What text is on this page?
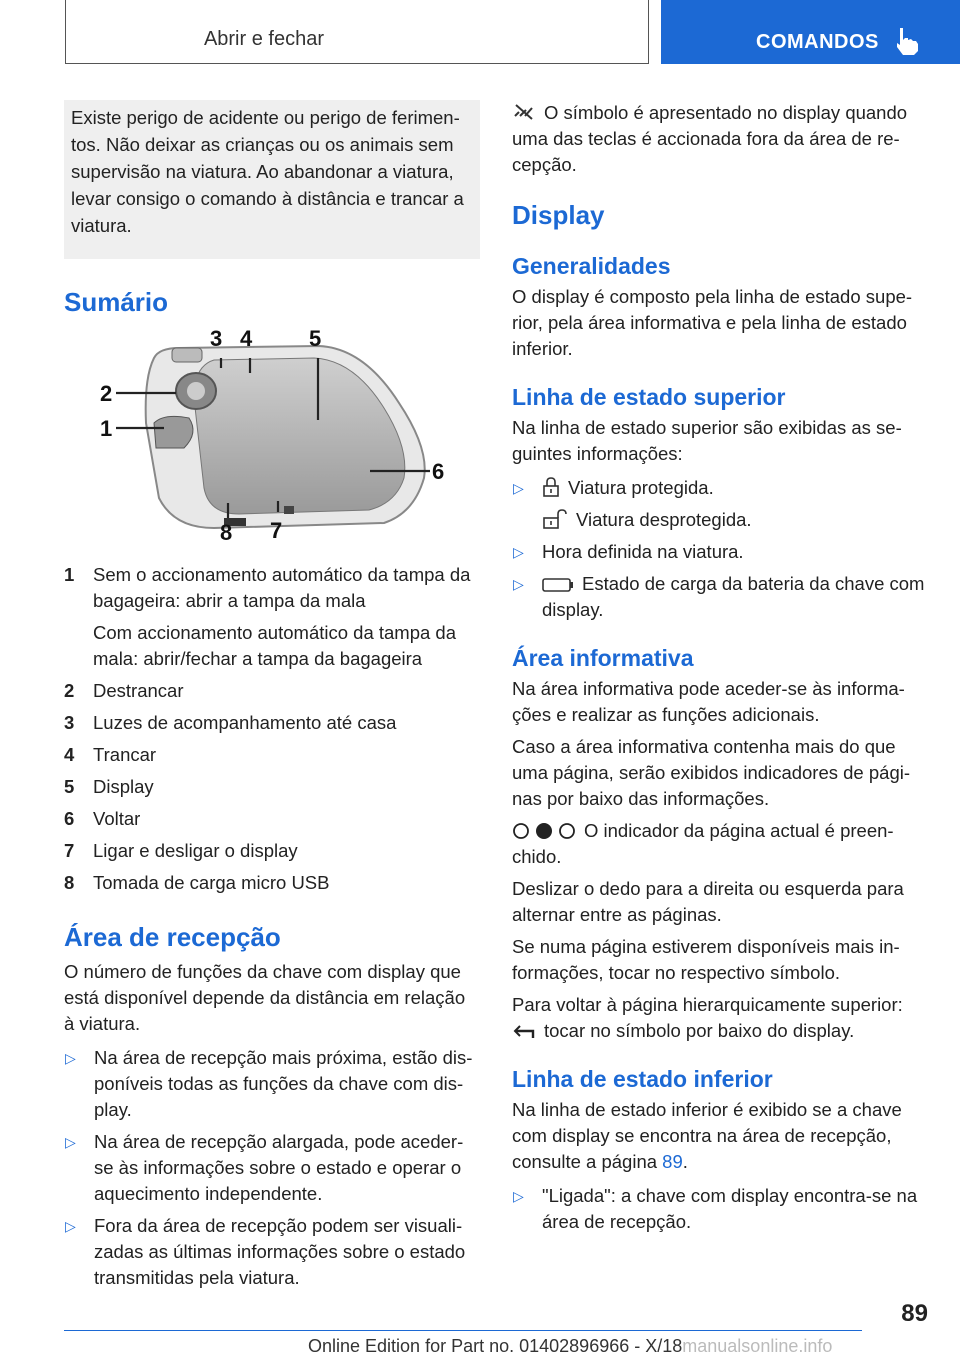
Abrir e fechar	COMANDOS
Existe perigo de acidente ou perigo de ferimentos. Não deixar as crianças ou os animais sem supervisão na viatura. Ao abandonar a viatura, levar consigo o comando à distância e trancar a viatura.
Sumário
1
2
3 4	5
6
7
8
1	Sem o accionamento automático da tampa da bagageira: abrir a tampa da mala

Com accionamento automático da tampa da mala: abrir/fechar a tampa da bagageira

2	Destrancar
3	Luzes de acompanhamento até casa
4	Trancar
5	Display
6	Voltar
7	Ligar e desligar o display
8	Tomada de carga micro USB
Área de recepção

O número de funções da chave com display que está disponível depende da distância em relação à viatura.

▷ Na área de recepção mais próxima, estão disponíveis todas as funções da chave com display.
▷ Na área de recepção alargada, pode aceder-se às informações sobre o estado e operar o aquecimento independente.
▷ Fora da área de recepção podem ser visualizadas as últimas informações sobre o estado transmitidas pela viatura.

O símbolo é apresentado no display quando uma das teclas é accionada fora da área de recepção.

Display
Generalidades

O display é composto pela linha de estado superior, pela área informativa e pela linha de estado inferior.

Linha de estado superior

Na linha de estado superior são exibidas as seguintes informações:

▷	Viatura protegida.
Viatura desprotegida.
▷ Hora definida na viatura.
▷	Estado de carga da bateria da chave com display.
Área informativa

Na área informativa pode aceder-se às informações e realizar as funções adicionais.

Caso a área informativa contenha mais do que uma página, serão exibidos indicadores de páginas por baixo das informações.

O indicador da página actual é preenchido.

Deslizar o dedo para a direita ou esquerda para alternar entre as páginas.

Se numa página estiverem disponíveis mais informações, tocar no respectivo símbolo.

Para voltar à página hierarquicamente superior:
tocar no símbolo por baixo do display.

Linha de estado inferior

Na linha de estado inferior é exibido se a chave com display se encontra na área de recepção, consulte a página 89.

▷ "Ligada": a chave com display encontra-se na área de recepção.
89
Online Edition for Part no. 01402896966 - X/18manualsonline.info
